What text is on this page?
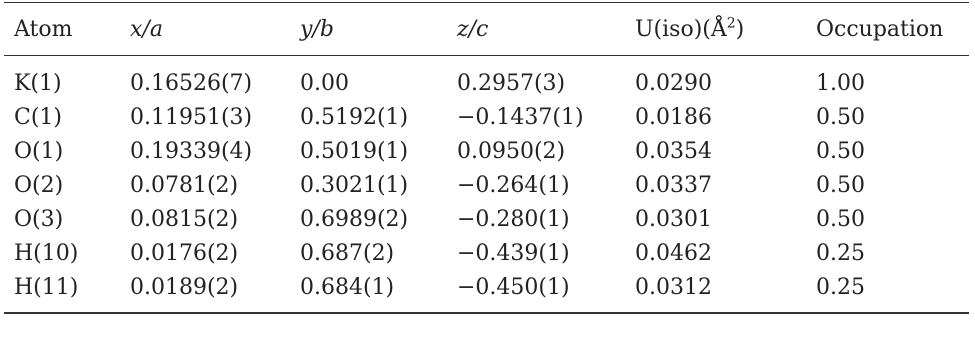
Atom	x/a	y/b	z/c	$U(iso)(Å^2)$	Occupation
K(1)	0.16526(7)	0.00	0.2957(3)	0.0290	1.00
C(1)	0.11951(3)	0.5192(1)	−0.1437(1)	0.0186	0.50
O(1)	0.19339(4)	0.5019(1)	0.0950(2)	0.0354	0.50
O(2)	0.0781(2)	0.3021(1)	−0.264(1)	0.0337	0.50
O(3)	0.0815(2)	0.6989(2)	−0.280(1)	0.0301	0.50
H(10)	0.0176(2)	0.687(2)	−0.439(1)	0.0462	0.25
H(11)	0.0189(2)	0.684(1)	−0.450(1)	0.0312	0.25
